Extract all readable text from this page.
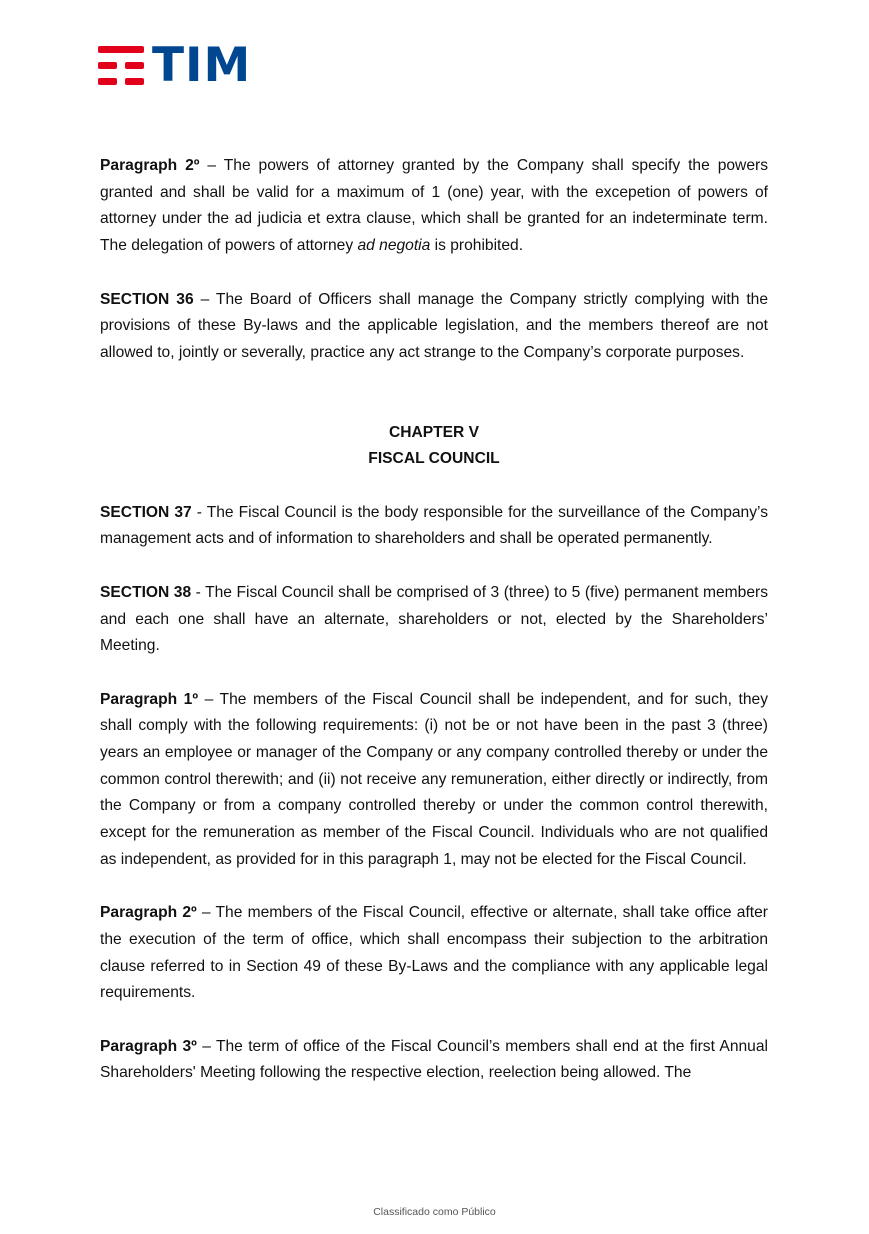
TIM

Paragraph 2º – The powers of attorney granted by the Company shall specify the powers granted and shall be valid for a maximum of 1 (one) year, with the excepetion of powers of attorney under the ad judicia et extra clause, which shall be granted for an indeterminate term. The delegation of powers of attorney ad negotia is prohibited.

SECTION 36 – The Board of Officers shall manage the Company strictly complying with the provisions of these By-laws and the applicable legislation, and the members thereof are not allowed to, jointly or severally, practice any act strange to the Company’s corporate purposes.

CHAPTER V
FISCAL COUNCIL

SECTION 37 - The Fiscal Council is the body responsible for the surveillance of the Company’s management acts and of information to shareholders and shall be operated permanently.

SECTION 38 - The Fiscal Council shall be comprised of 3 (three) to 5 (five) permanent members and each one shall have an alternate, shareholders or not, elected by the Shareholders’ Meeting.

Paragraph 1º – The members of the Fiscal Council shall be independent, and for such, they shall comply with the following requirements: (i) not be or not have been in the past 3 (three) years an employee or manager of the Company or any company controlled thereby or under the common control therewith; and (ii) not receive any remuneration, either directly or indirectly, from the Company or from a company controlled thereby or under the common control therewith, except for the remuneration as member of the Fiscal Council. Individuals who are not qualified as independent, as provided for in this paragraph 1, may not be elected for the Fiscal Council.

Paragraph 2º – The members of the Fiscal Council, effective or alternate, shall take office after the execution of the term of office, which shall encompass their subjection to the arbitration clause referred to in Section 49 of these By-Laws and the compliance with any applicable legal requirements.

Paragraph 3º – The term of office of the Fiscal Council’s members shall end at the first Annual Shareholders' Meeting following the respective election, reelection being allowed. The

Classificado como Público
